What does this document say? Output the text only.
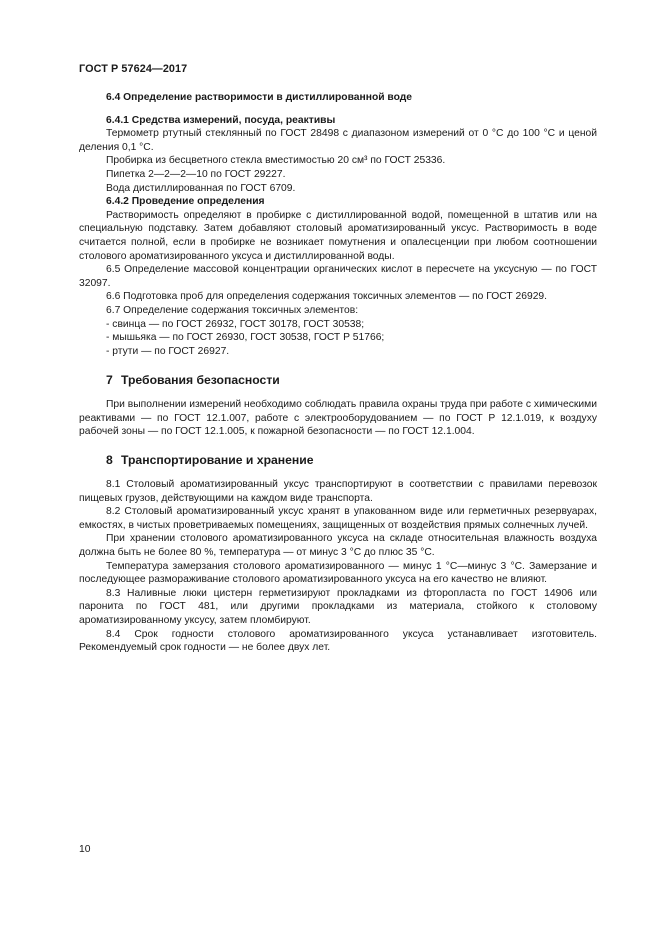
ГОСТ Р 57624—2017

6.4 Определение растворимости в дистиллированной воде

6.4.1 Средства измерений, посуда, реактивы

Термометр ртутный стеклянный по ГОСТ 28498 с диапазоном измерений от 0 °С до 100 °С и ценой деления 0,1 °С.

Пробирка из бесцветного стекла вместимостью 20 см³ по ГОСТ 25336.

Пипетка 2—2—2—10 по ГОСТ 29227.

Вода дистиллированная по ГОСТ 6709.

6.4.2 Проведение определения

Растворимость определяют в пробирке с дистиллированной водой, помещенной в штатив или на специальную подставку. Затем добавляют столовый ароматизированный уксус. Растворимость в воде считается полной, если в пробирке не возникает помутнения и опалесценции при любом соотношении столового ароматизированного уксуса и дистиллированной воды.

6.5 Определение массовой концентрации органических кислот в пересчете на уксусную — по ГОСТ 32097.

6.6 Подготовка проб для определения содержания токсичных элементов — по ГОСТ 26929.

6.7 Определение содержания токсичных элементов:

- свинца — по ГОСТ 26932, ГОСТ 30178, ГОСТ 30538;

- мышьяка — по ГОСТ 26930, ГОСТ 30538, ГОСТ Р 51766;

- ртути — по ГОСТ 26927.

7 Требования безопасности

При выполнении измерений необходимо соблюдать правила охраны труда при работе с химическими реактивами — по ГОСТ 12.1.007, работе с электрооборудованием — по ГОСТ Р 12.1.019, к воздуху рабочей зоны — по ГОСТ 12.1.005, к пожарной безопасности — по ГОСТ 12.1.004.

8 Транспортирование и хранение

8.1 Столовый ароматизированный уксус транспортируют в соответствии с правилами перевозок пищевых грузов, действующими на каждом виде транспорта.

8.2 Столовый ароматизированный уксус хранят в упакованном виде или герметичных резервуарах, емкостях, в чистых проветриваемых помещениях, защищенных от воздействия прямых солнечных лучей.

При хранении столового ароматизированного уксуса на складе относительная влажность воздуха должна быть не более 80 %, температура — от минус 3 °С до плюс 35 °С.

Температура замерзания столового ароматизированного — минус 1 °С—минус 3 °С. Замерзание и последующее размораживание столового ароматизированного уксуса на его качество не влияют.

8.3 Наливные люки цистерн герметизируют прокладками из фторопласта по ГОСТ 14906 или паронита по ГОСТ 481, или другими прокладками из материала, стойкого к столовому ароматизированному уксусу, затем пломбируют.

8.4 Срок годности столового ароматизированного уксуса устанавливает изготовитель. Рекомендуемый срок годности — не более двух лет.

10
